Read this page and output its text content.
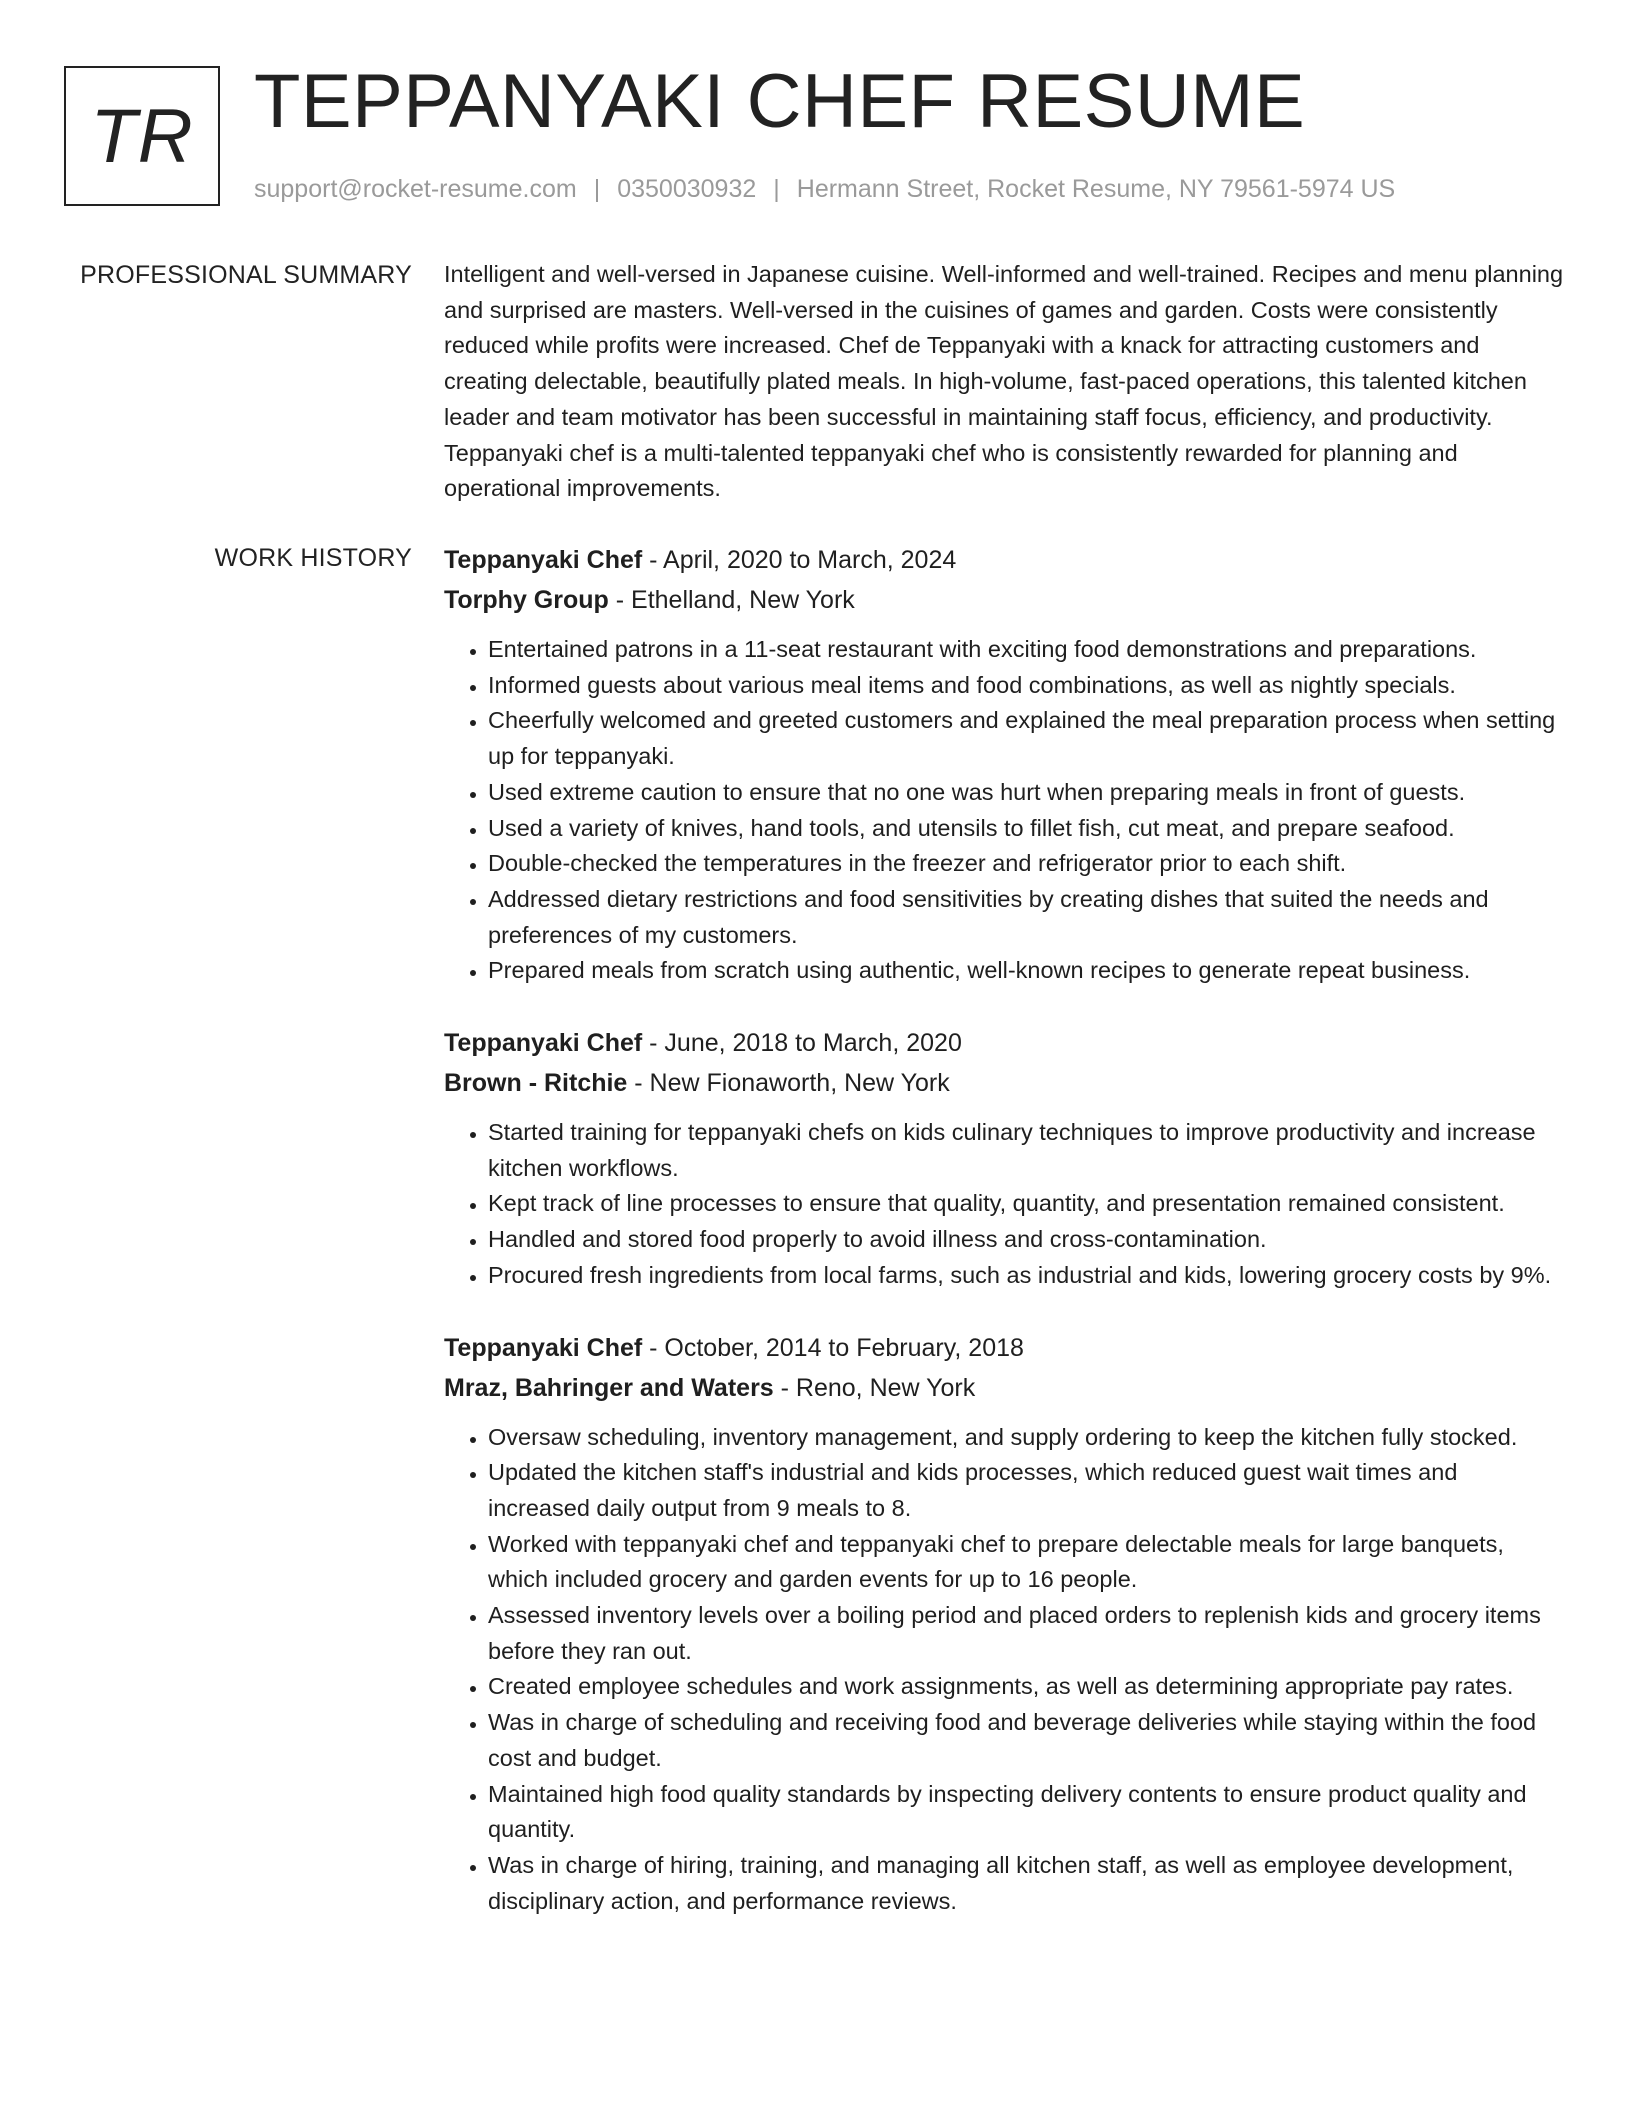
TR TEPPANYAKI CHEF RESUME
support@rocket-resume.com | 0350030932 | Hermann Street, Rocket Resume, NY 79561-5974 US
PROFESSIONAL SUMMARY Intelligent and well-versed in Japanese cuisine. Well-informed and well-trained. Recipes and menu planning and surprised are masters. Well-versed in the cuisines of games and garden. Costs were consistently reduced while profits were increased. Chef de Teppanyaki with a knack for attracting customers and creating delectable, beautifully plated meals. In high-volume, fast-paced operations, this talented kitchen leader and team motivator has been successful in maintaining staff focus, efficiency, and productivity. Teppanyaki chef is a multi-talented teppanyaki chef who is consistently rewarded for planning and operational improvements.
WORK HISTORY Teppanyaki Chef - April, 2020 to March, 2024
Torphy Group - Ethelland, New York
• Entertained patrons in a 11-seat restaurant with exciting food demonstrations and preparations.
• Informed guests about various meal items and food combinations, as well as nightly specials.
• Cheerfully welcomed and greeted customers and explained the meal preparation process when setting up for teppanyaki.
• Used extreme caution to ensure that no one was hurt when preparing meals in front of guests.
• Used a variety of knives, hand tools, and utensils to fillet fish, cut meat, and prepare seafood.
• Double-checked the temperatures in the freezer and refrigerator prior to each shift.
• Addressed dietary restrictions and food sensitivities by creating dishes that suited the needs and preferences of my customers.
• Prepared meals from scratch using authentic, well-known recipes to generate repeat business.
Teppanyaki Chef - June, 2018 to March, 2020
Brown - Ritchie - New Fionaworth, New York
• Started training for teppanyaki chefs on kids culinary techniques to improve productivity and increase kitchen workflows.
• Kept track of line processes to ensure that quality, quantity, and presentation remained consistent.
• Handled and stored food properly to avoid illness and cross-contamination.
• Procured fresh ingredients from local farms, such as industrial and kids, lowering grocery costs by 9%.
Teppanyaki Chef - October, 2014 to February, 2018
Mraz, Bahringer and Waters - Reno, New York
• Oversaw scheduling, inventory management, and supply ordering to keep the kitchen fully stocked.
• Updated the kitchen staff's industrial and kids processes, which reduced guest wait times and increased daily output from 9 meals to 8.
• Worked with teppanyaki chef and teppanyaki chef to prepare delectable meals for large banquets, which included grocery and garden events for up to 16 people.
• Assessed inventory levels over a boiling period and placed orders to replenish kids and grocery items before they ran out.
• Created employee schedules and work assignments, as well as determining appropriate pay rates.
• Was in charge of scheduling and receiving food and beverage deliveries while staying within the food cost and budget.
• Maintained high food quality standards by inspecting delivery contents to ensure product quality and quantity.
• Was in charge of hiring, training, and managing all kitchen staff, as well as employee development, disciplinary action, and performance reviews.
